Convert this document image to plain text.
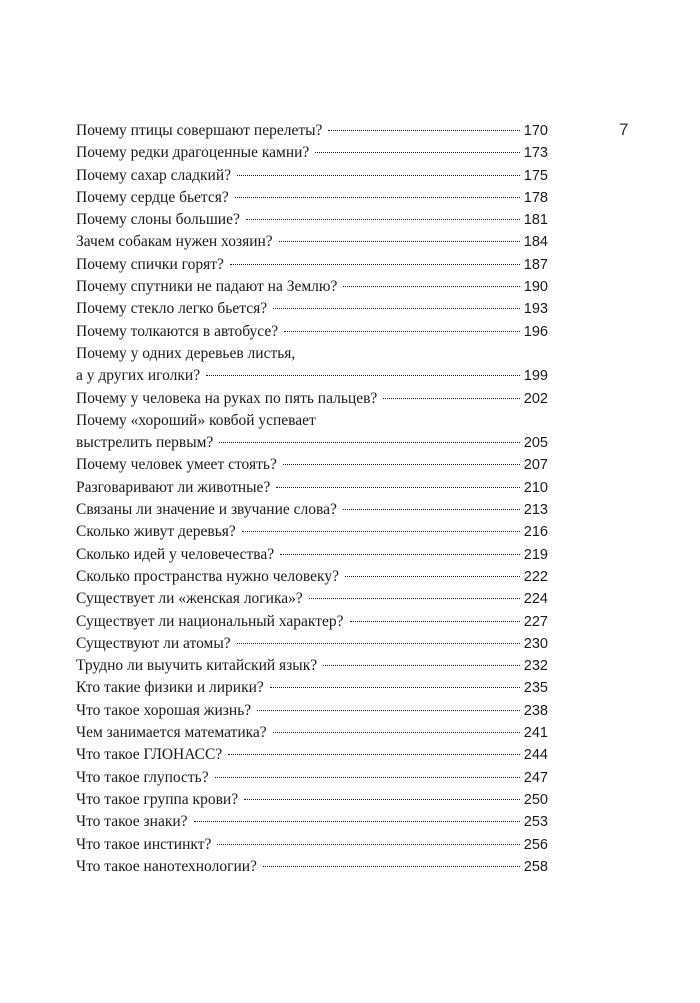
7
Почему птицы совершают перелеты?	170
Почему редки драгоценные камни?	173
Почему сахар сладкий?	175
Почему сердце бьется?	178
Почему слоны большие?	181
Зачем собакам нужен хозяин?	184
Почему спички горят?	187
Почему спутники не падают на Землю?	190
Почему стекло легко бьется?	193
Почему толкаются в автобусе?	196
Почему у одних деревьев листья,
а у других иголки?	199
Почему у человека на руках по пять пальцев?	202
Почему «хороший» ковбой успевает
выстрелить первым?	205
Почему человек умеет стоять?	207
Разговаривают ли животные?	210
Связаны ли значение и звучание слова?	213
Сколько живут деревья?	216
Сколько идей у человечества?	219
Сколько пространства нужно человеку?	222
Существует ли «женская логика»?	224
Существует ли национальный характер?	227
Существуют ли атомы?	230
Трудно ли выучить китайский язык?	232
Кто такие физики и лирики?	235
Что такое хорошая жизнь?	238
Чем занимается математика?	241
Что такое ГЛОНАСС?	244
Что такое глупость?	247
Что такое группа крови?	250
Что такое знаки?	253
Что такое инстинкт?	256
Что такое нанотехнологии?	258
